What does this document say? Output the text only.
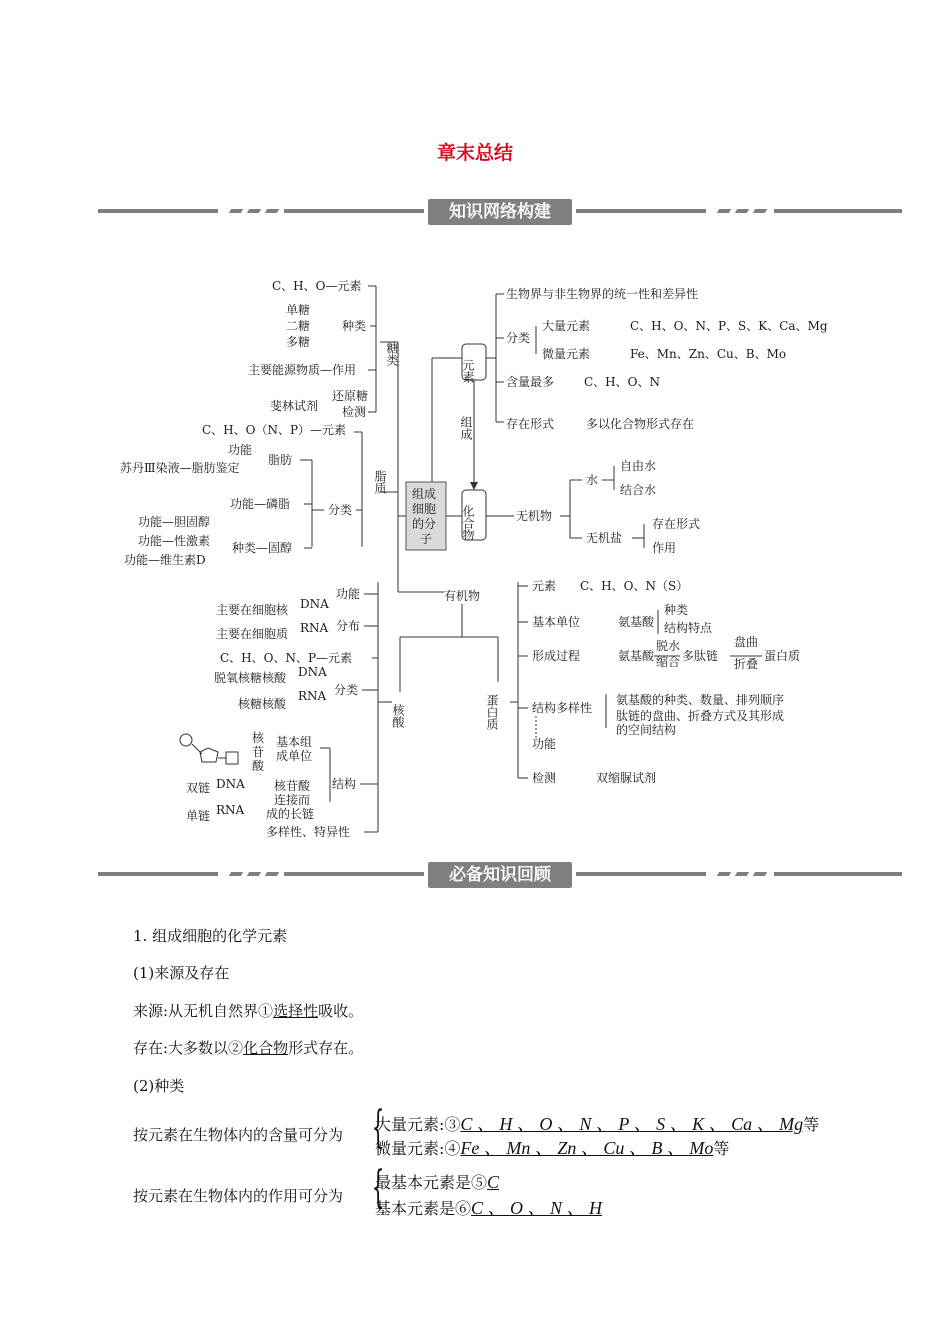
章末总结
知识网络构建
组成
细胞
的分
子
元素
化合物
组成
糖类
C、H、O—元素
单糖
二糖
多糖
种类
主要能源物质—作用
斐林试剂
还原糖
检测
脂质
C、H、O（N、P）—元素
功能
苏丹Ⅲ染液—脂肪鉴定
脂肪
功能—磷脂	分类
功能—胆固醇
功能—性激素
功能—维生素D
种类—固醇
核酸
功能
主要在细胞核 DNA
主要在细胞质 RNA 分布
C、H、O、N、P—元素
脱氧核糖核酸 DNA
核糖核酸
RNA 分类
核
苷
酸
基本组
成单位
双链 DNA
单链 RNA
核苷酸
连接而
成的长链
结构
多样性、特异性
有机物
生物界与非生物界的统一性和差异性
分类
大量元素	C、H、O、N、P、S、K、Ca、Mg
微量元素	Fe、Mn、Zn、Cu、B、Mo
含量最多 C、H、O、N
存在形式	多以化合物形式存在
无机物
水
自由水
结合水
无机盐
存在形式
作用
蛋白质
元素 C、H、O、N（S）
基本单位	氨基酸
种类
结构特点
形成过程	氨基酸
脱水
缩合 多肽链
盘曲
折叠
蛋白质
结构多样性
氨基酸的种类、数量、排列顺序
肽链的盘曲、折叠方式及其形成
的空间结构
功能
检测	双缩脲试剂
必备知识回顾
1. 组成细胞的化学元素
(1)来源及存在
来源:从无机自然界①选择性吸收。
存在:大多数以②化合物形式存在。
(2)种类
按元素在生物体内的含量可分为 {
大量元素:③C 、 H 、 O 、 N 、 P 、 S 、 K 、 Ca 、 Mg等
微量元素:④Fe 、 Mn 、 Zn 、 Cu 、 B 、 Mo等
按元素在生物体内的作用可分为 {
最基本元素是⑤C
基本元素是⑥C 、 O 、 N 、 H
